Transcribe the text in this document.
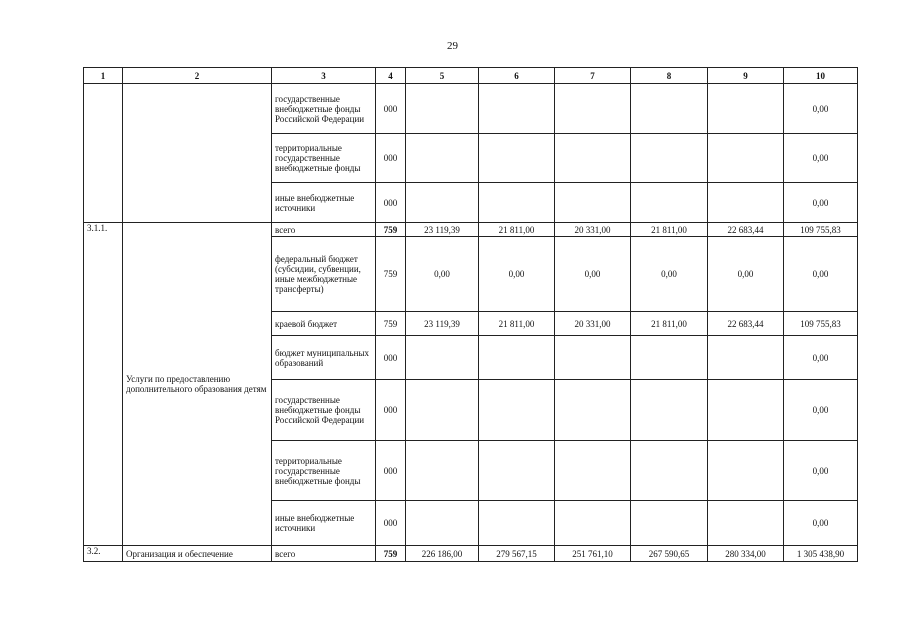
29
1	2	3	4	5	6	7	8	9	10
		государственные внебюджетные фонды Российской Федерации	000						0,00
		территориальные государственные внебюджетные фонды	000						0,00
		иные внебюджетные источники	000						0,00
3.1.1.	Услуги по предоставлению дополнительного образования детям	всего	759	23 119,39	21 811,00	20 331,00	21 811,00	22 683,44	109 755,83
		федеральный бюджет (субсидии, субвенции, иные межбюджетные трансферты)	759	0,00	0,00	0,00	0,00	0,00	0,00
		краевой бюджет	759	23 119,39	21 811,00	20 331,00	21 811,00	22 683,44	109 755,83
		бюджет муниципальных образований	000						0,00
		государственные внебюджетные фонды Российской Федерации	000						0,00
		территориальные государственные внебюджетные фонды	000						0,00
		иные внебюджетные источники	000						0,00
3.2.	Организация и обеспечение	всего	759	226 186,00	279 567,15	251 761,10	267 590,65	280 334,00	1 305 438,90
